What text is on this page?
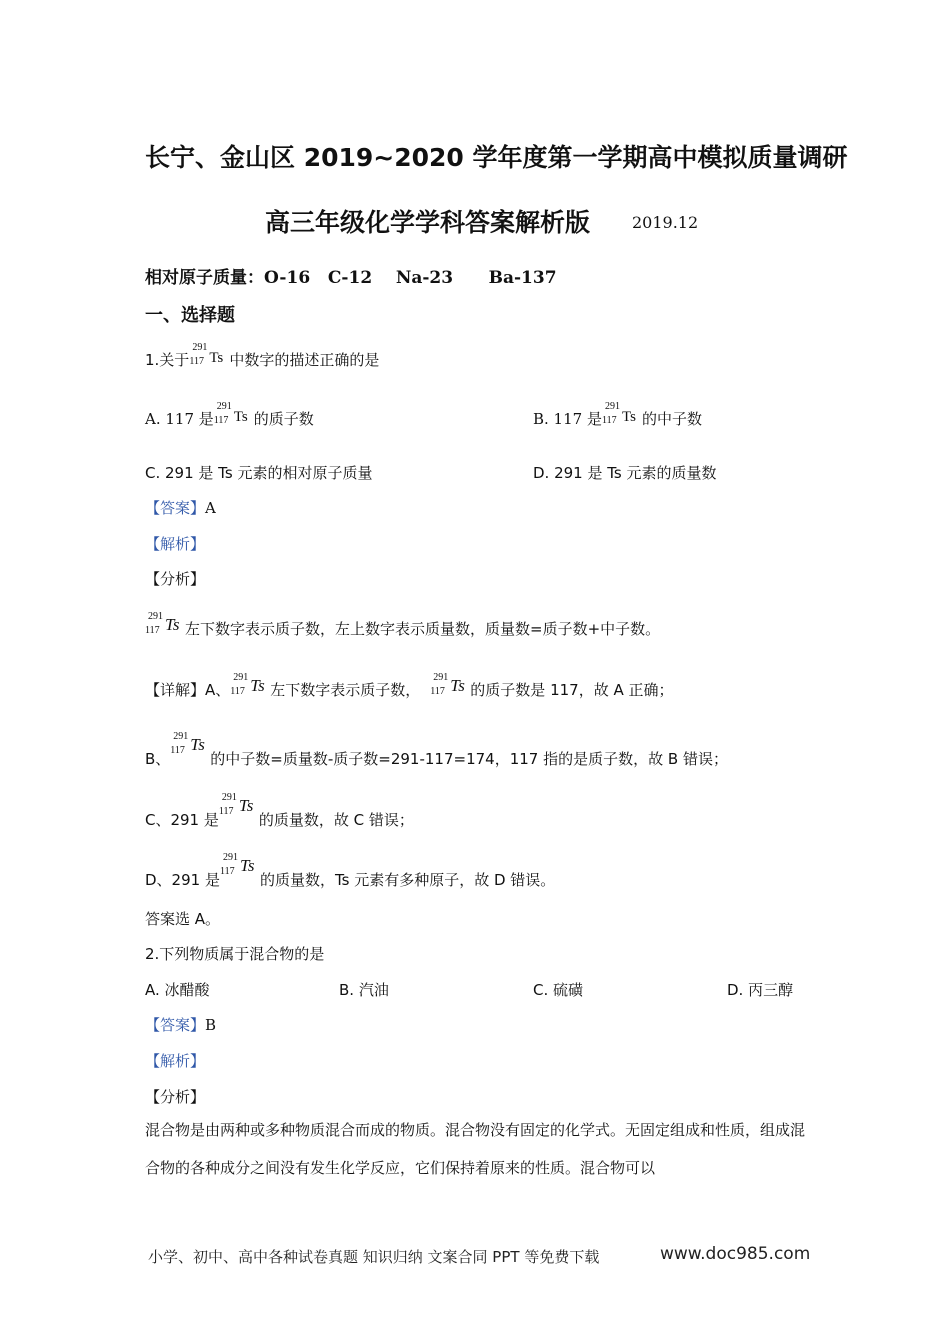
长宁、金山区 2019~2020 学年度第一学期高中模拟质量调研
高三年级化学学科答案解析版	2019.12
相对原子质量：O-16   C-12    Na-23      Ba-137
一、选择题
1.关于
291
117 Ts 中数字的描述正确的是
A. 117 是
291
117 Ts 的质子数	B. 117 是
291
117 Ts 的中子数
C. 291 是 Ts 元素的相对原子质量	D. 291 是 Ts 元素的质量数
【答案】A
【解析】
【分析】
291
117 Ts 左下数字表示质子数，左上数字表示质量数，质量数=质子数+中子数。
【详解】A、
291
117 Ts 左下数字表示质子数，
291
117 Ts 的质子数是 117，故 A 正确；
B、
291
117 Ts
的中子数=质量数-质子数=291-117=174，117 指的是质子数，故 B 错误；
C、291 是
291
117 Ts
的质量数，故 C 错误；
D、291 是
291
117 Ts
的质量数，Ts 元素有多种原子，故 D 错误。
答案选 A。
2.下列物质属于混合物的是
A. 冰醋酸	B. 汽油	C. 硫磺	D. 丙三醇
【答案】B
【解析】
【分析】
混合物是由两种或多种物质混合而成的物质。混合物没有固定的化学式。无固定组成和性质，组成混合物的各种成分之间没有发生化学反应，它们保持着原来的性质。混合物可以
小学、初中、高中各种试卷真题 知识归纳 文案合同 PPT 等免费下载	www.doc985.com
